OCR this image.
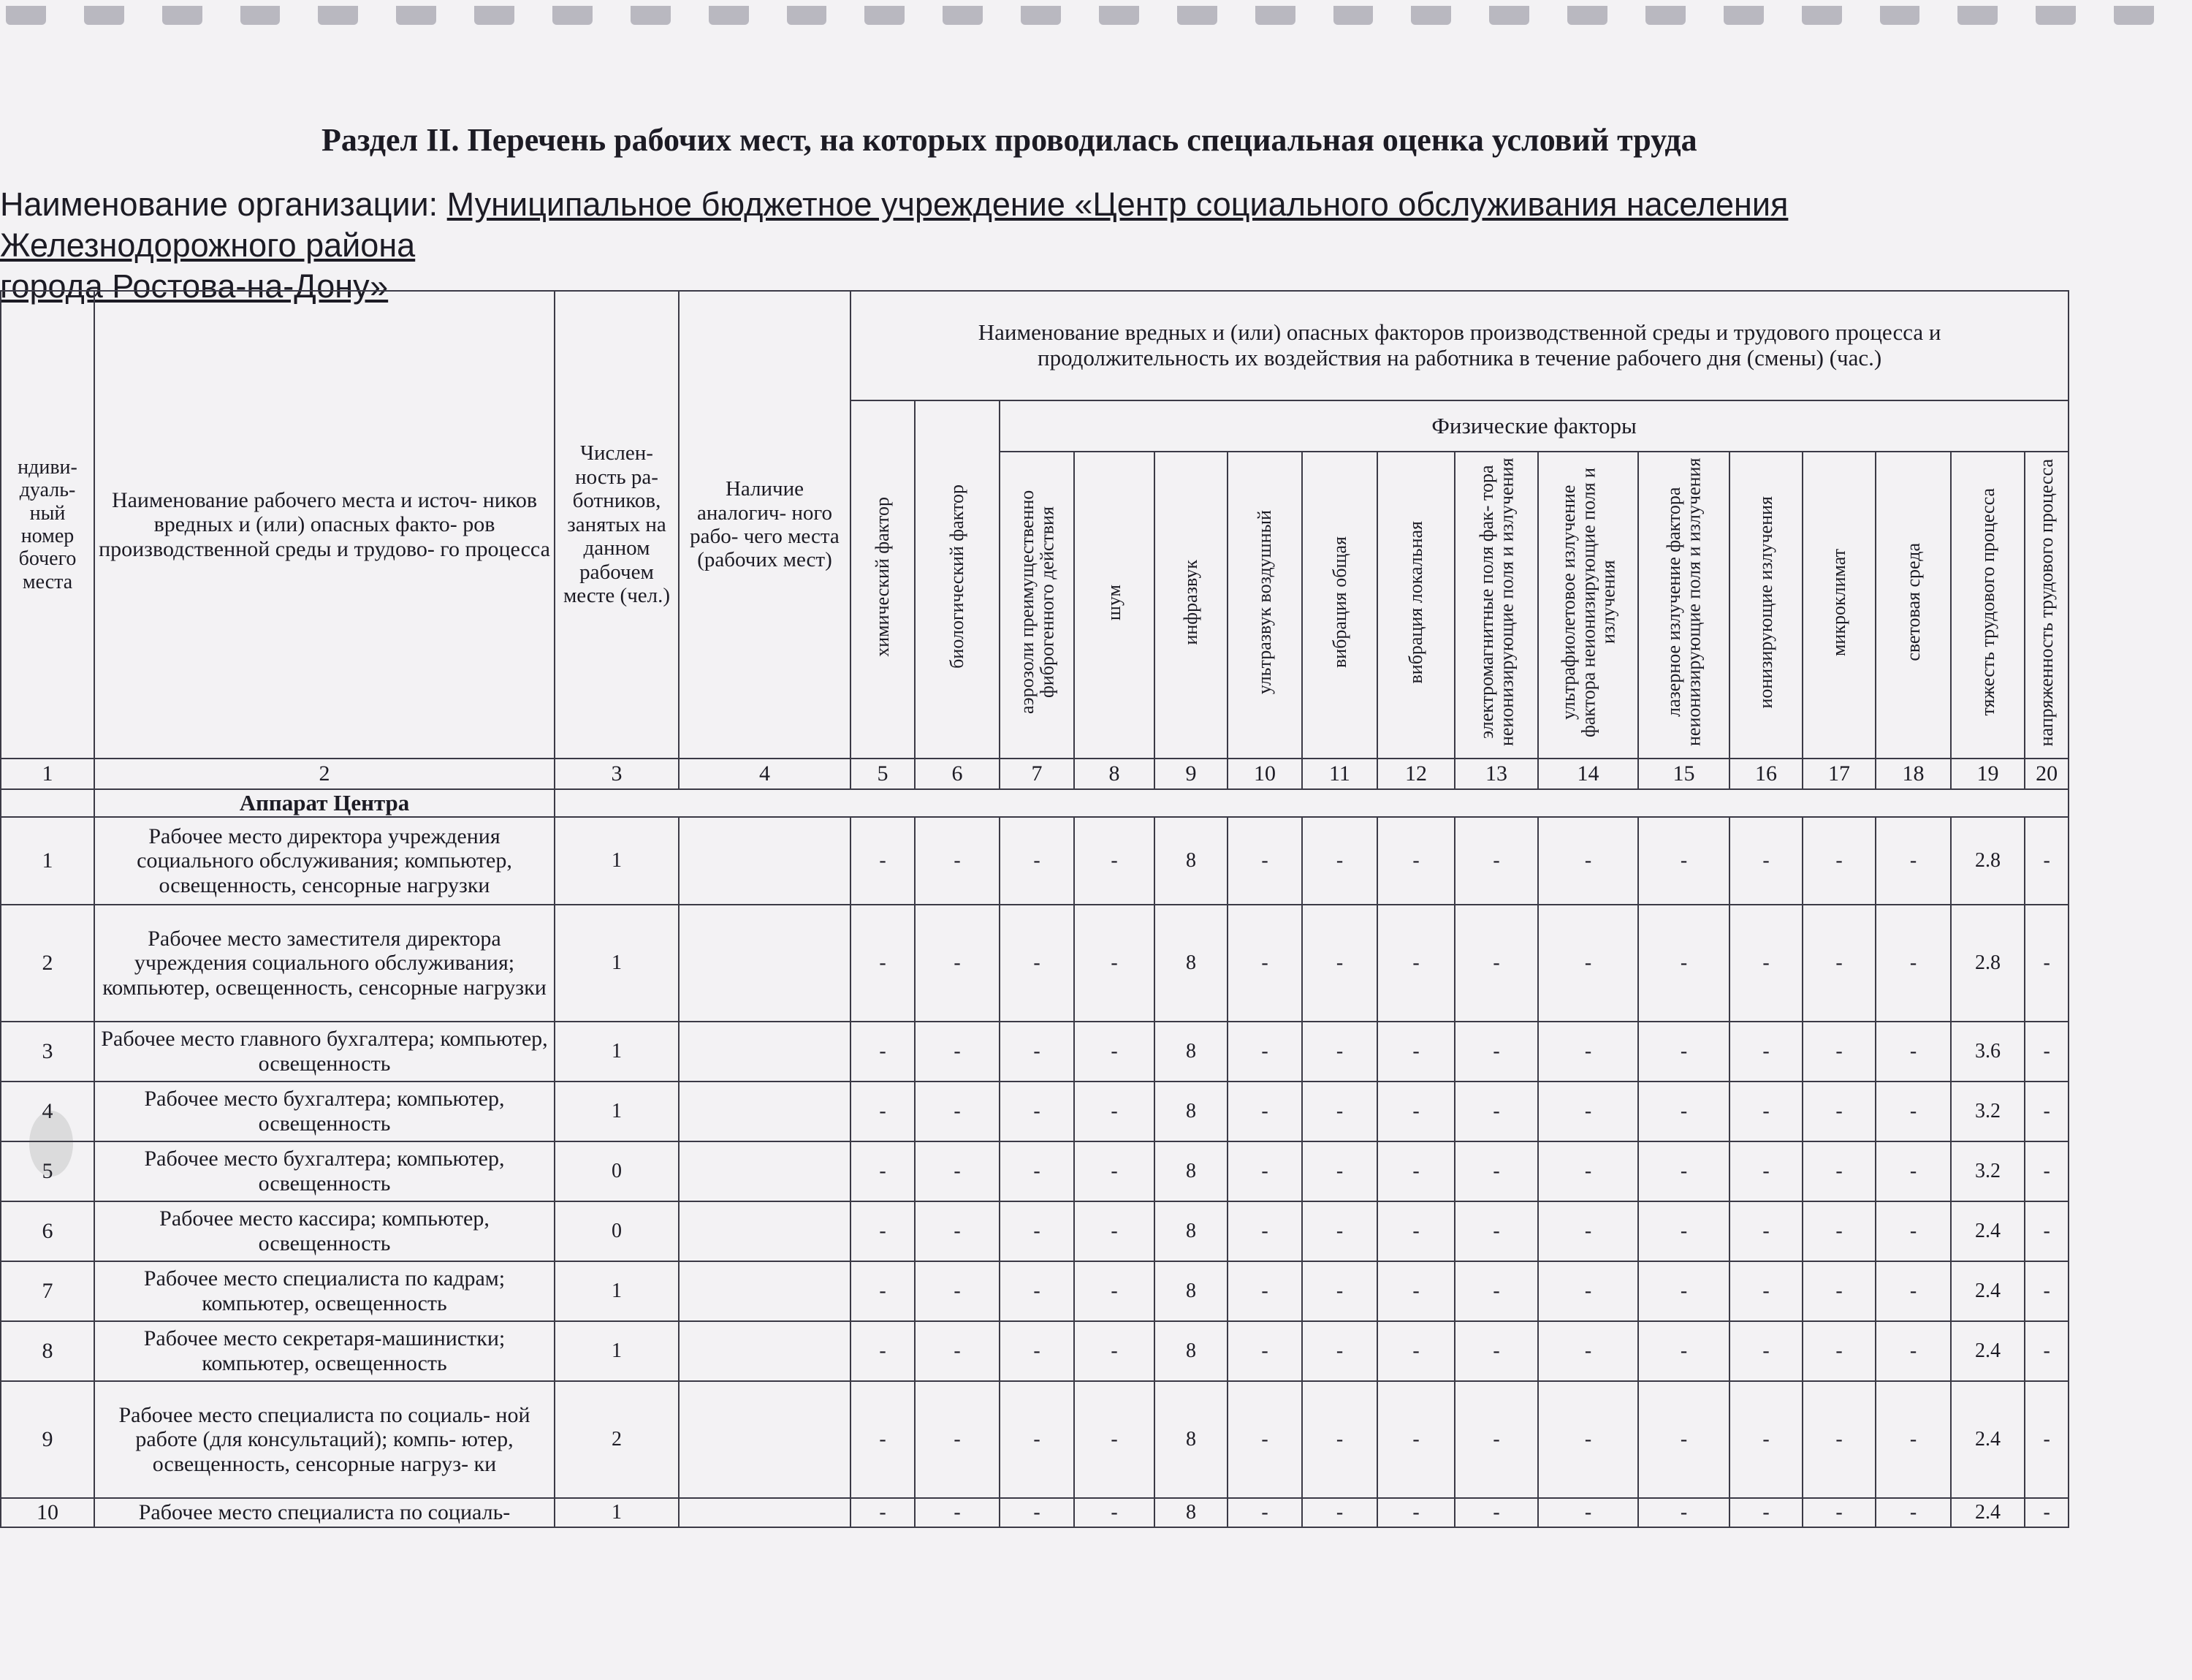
Раздел II. Перечень рабочих мест, на которых проводилась специальная оценка условий труда
Наименование организации: Муниципальное бюджетное учреждение «Центр социального обслуживания населения Железнодорожного района
города Ростова-на-Дону»
ндиви- дуаль- ный номер бочего места	Наименование рабочего места и источ- ников вредных и (или) опасных факто- ров производственной среды и трудово- го процесса	Числен- ность ра- ботников, занятых на данном рабочем месте (чел.)	Наличие аналогич- ного рабо- чего места (рабочих мест)	Наименование вредных и (или) опасных факторов производственной среды и трудового процесса и продолжительность их воздействия на работника в течение рабочего дня (смены) (час.)																
				химический фактор	биологический фактор	Физические факторы														
						аэрозоли преимущественно фиброгенного действия	шум	инфразвук	ультразвук воздушный	вибрация общая	вибрация локальная	электромагнитные поля фак- тора неионизирующие поля и излучения	ультрафиолетовое излучение фактора неионизирующие поля и излучения	лазерное излучение фактора неионизирующие поля и излучения	ионизирующие излучения	микроклимат	световая среда	тяжесть трудового процесса	напряженность трудового процесса	
1	2	3	4	5	6	7	8	9	10	11	12	13	14	15	16	17	18	19	20	
	Аппарат Центра																			
1	Рабочее место директора учреждения социального обслуживания; компьютер, освещенность, сенсорные нагрузки	1		-	-	-	-	8	-	-	-	-	-	-	-	-	-	2.8	-	
2	Рабочее место заместителя директора учреждения социального обслуживания; компьютер, освещенность, сенсорные нагрузки	1		-	-	-	-	8	-	-	-	-	-	-	-	-	-	2.8	-	
3	Рабочее место главного бухгалтера; компьютер, освещенность	1		-	-	-	-	8	-	-	-	-	-	-	-	-	-	3.6	-	
4	Рабочее место бухгалтера; компьютер, освещенность	1		-	-	-	-	8	-	-	-	-	-	-	-	-	-	3.2	-	
5	Рабочее место бухгалтера; компьютер, освещенность	0		-	-	-	-	8	-	-	-	-	-	-	-	-	-	3.2	-	
6	Рабочее место кассира; компьютер, освещенность	0		-	-	-	-	8	-	-	-	-	-	-	-	-	-	2.4	-	
7	Рабочее место специалиста по кадрам; компьютер, освещенность	1		-	-	-	-	8	-	-	-	-	-	-	-	-	-	2.4	-	
8	Рабочее место секретаря-машинистки; компьютер, освещенность	1		-	-	-	-	8	-	-	-	-	-	-	-	-	-	2.4	-	
9	Рабочее место специалиста по социаль- ной работе (для консультаций); компь- ютер, освещенность, сенсорные нагруз- ки	2		-	-	-	-	8	-	-	-	-	-	-	-	-	-	2.4	-	
10	Рабочее место специалиста по социаль-	1		-	-	-	-	8	-	-	-	-	-	-	-	-	-	2.4	-	
